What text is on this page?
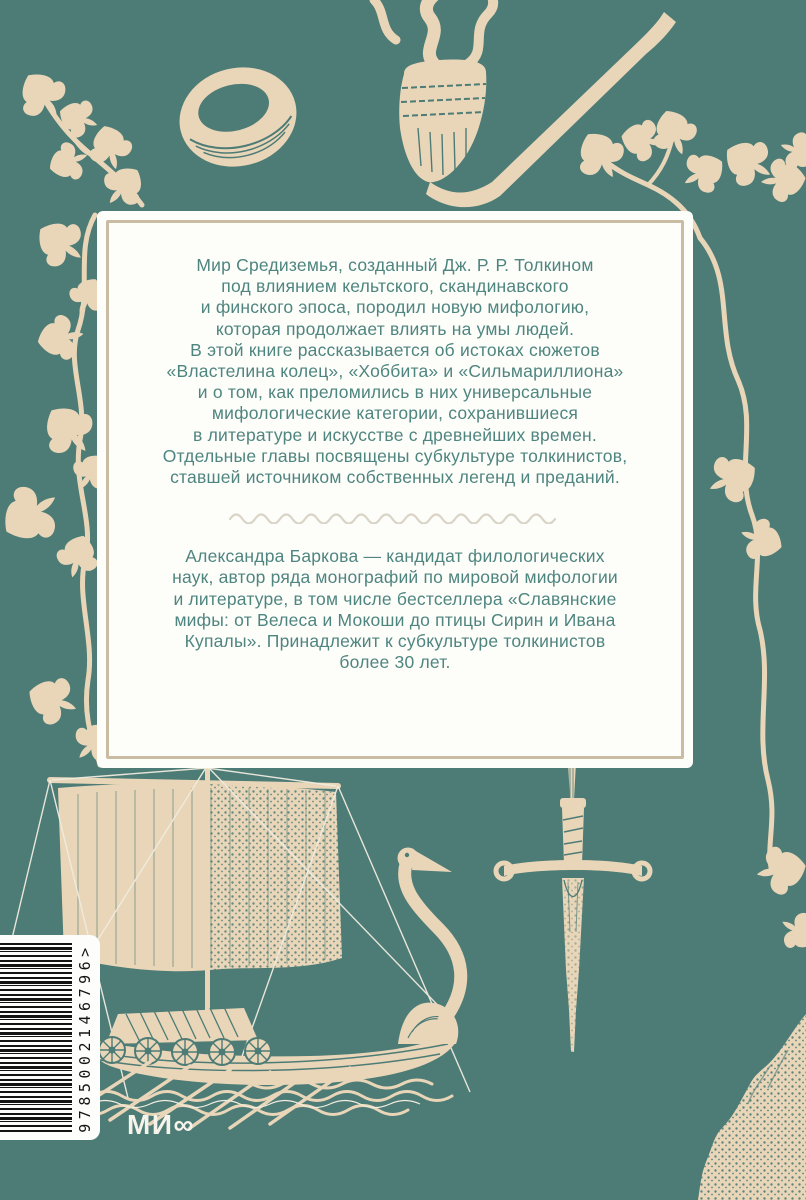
Мир Средиземья, созданный Дж. Р. Р. Толкином
под влиянием кельтского, скандинавского
и финского эпоса, породил новую мифологию,
которая продолжает влиять на умы людей.
В этой книге рассказывается об истоках сюжетов
«Властелина колец», «Хоббита» и «Сильмариллиона»
и о том, как преломились в них универсальные
мифологические категории, сохранившиеся
в литературе и искусстве с древнейших времен.
Отдельные главы посвящены субкультуре толкинистов,
ставшей источником собственных легенд и преданий.
Александра Баркова — кандидат филологических
наук, автор ряда монографий по мировой мифологии
и литературе, в том числе бестселлера «Славянские
мифы: от Велеса и Мокоши до птицы Сирин и Ивана
Купалы». Принадлежит к субкультуре толкинистов
более 30 лет.
9785002146796>
МИ∞
